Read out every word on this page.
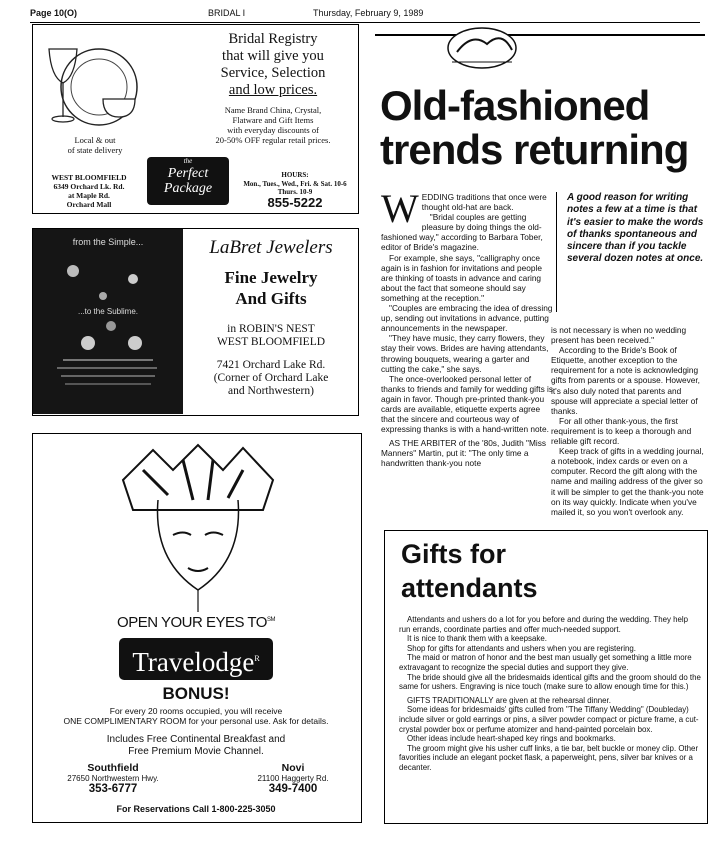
Page 10(O)	BRIDAL I	Thursday, February 9, 1989
Bridal Registry
that will give you
Service, Selection
and low prices.
Name Brand China, Crystal,
Flatware and Gift Items
with everyday discounts of
20-50% OFF regular retail prices.
Local & out
of state delivery
WEST BLOOMFIELD
6349 Orchard Lk. Rd.
at Maple Rd.
Orchard Mall
the
Perfect
Package
HOURS:
Mon., Tues., Wed., Fri. & Sat. 10-6
Thurs. 10-9
855-5222
from the Simple...
...to the Sublime.
LaBret Jewelers
Fine Jewelry
And Gifts
in ROBIN'S NEST
WEST BLOOMFIELD
7421 Orchard Lake Rd.
(Corner of Orchard Lake
and Northwestern)
OPEN YOUR EYES TO℠
Travelodge$^R$
BONUS!
For every 20 rooms occupied, you will receive
ONE COMPLIMENTARY ROOM for your personal use. Ask for details.
Includes Free Continental Breakfast and
Free Premium Movie Channel.
Southfield
27650 Northwestern Hwy.
353-6777
Novi
21100 Haggerty Rd.
349-7400
For Reservations Call 1-800-225-3050
Old-fashioned
trends returning
W EDDING traditions that once were thought old-hat are back.

"Bridal couples are getting pleasure by doing things the old-fashioned way," according to Barbara Tober, editor of Bride's magazine.

For example, she says, "calligraphy once again is in fashion for invitations and people are thinking of toasts in advance and caring about the fact that someone should say something at the reception."

"Couples are embracing the idea of dressing up, sending out invitations in advance, putting announcements in the newspaper.

"They have music, they carry flowers, they stay their vows. Brides are having attendants, throwing bouquets, wearing a garter and cutting the cake," she says.

The once-overlooked personal letter of thanks to friends and family for wedding gifts is again in favor. Though pre-printed thank-you cards are available, etiquette experts agree that the sincere and courteous way of expressing thanks is with a hand-written note.

AS THE ARBITER of the '80s, Judith "Miss Manners" Martin, put it: "The only time a handwritten thank-you note

A good reason for writing notes a few at a time is that it's easier to make the words of thanks spontaneous and sincere than if you tackle several dozen notes at once.

is not necessary is when no wedding present has been received."

According to the Bride's Book of Etiquette, another exception to the requirement for a note is acknowledging gifts from parents or a spouse. However, it's also duly noted that parents and spouse will appreciate a special letter of thanks.

For all other thank-yous, the first requirement is to keep a thorough and reliable gift record.

Keep track of gifts in a wedding journal, a notebook, index cards or even on a computer. Record the gift along with the name and mailing address of the giver so it will be simpler to get the thank-you note on its way quickly. Indicate when you've mailed it, so you won't overlook any.

Gifts for
attendants

Attendants and ushers do a lot for you before and during the wedding. They help run errands, coordinate parties and offer much-needed support.

It is nice to thank them with a keepsake.

Shop for gifts for attendants and ushers when you are registering.

The maid or matron of honor and the best man usually get something a little more extravagant to recognize the special duties and support they give.

The bride should give all the bridesmaids identical gifts and the groom should do the same for ushers. Engraving is nice touch (make sure to allow enough time for this.)

GIFTS TRADITIONALLY are given at the rehearsal dinner.

Some ideas for bridesmaids' gifts culled from "The Tiffany Wedding" (Doubleday) include silver or gold earrings or pins, a silver powder compact or picture frame, a cut-crystal powder box or perfume atomizer and hand-painted porcelain box.

Other ideas include heart-shaped key rings and bookmarks.

The groom might give his usher cuff links, a tie bar, belt buckle or money clip. Other favorities include an elegant pocket flask, a paperweight, pens, silver bar knives or a decanter.
